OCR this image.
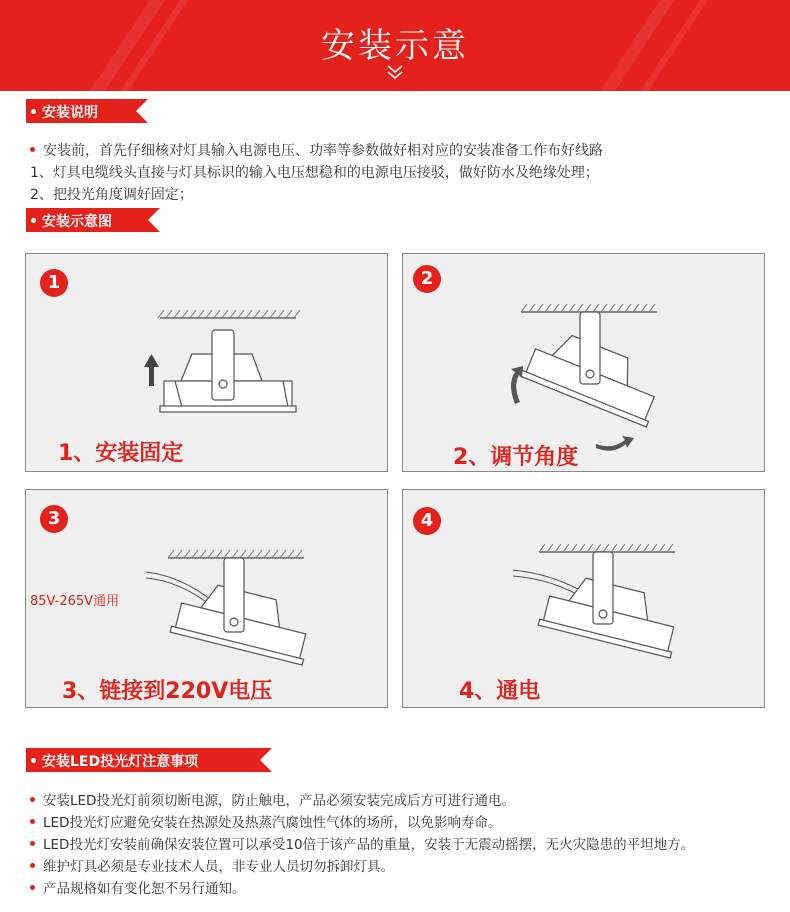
安装示意
安装说明
安装前，首先仔细核对灯具输入电源电压、功率等参数做好相对应的安装准备工作布好线路
1、灯具电缆线头直接与灯具标识的输入电压想稳和的电源电压接驳，做好防水及绝缘处理；
2、把投光角度调好固定；
安装示意图
1
1、安装固定
2
2、调节角度
3
85V-265V通用
3、链接到220V电压
4
4、通电
安装LED投光灯注意事项
安装LED投光灯前须切断电源，防止触电，产品必须安装完成后方可进行通电。
LED投光灯应避免安装在热源处及热蒸汽腐蚀性气体的场所，以免影响寿命。
LED投光灯安装前确保安装位置可以承受10倍于该产品的重量，安装于无震动摇摆，无火灾隐患的平坦地方。
维护灯具必须是专业技术人员，非专业人员切勿拆卸灯具。
产品规格如有变化恕不另行通知。
